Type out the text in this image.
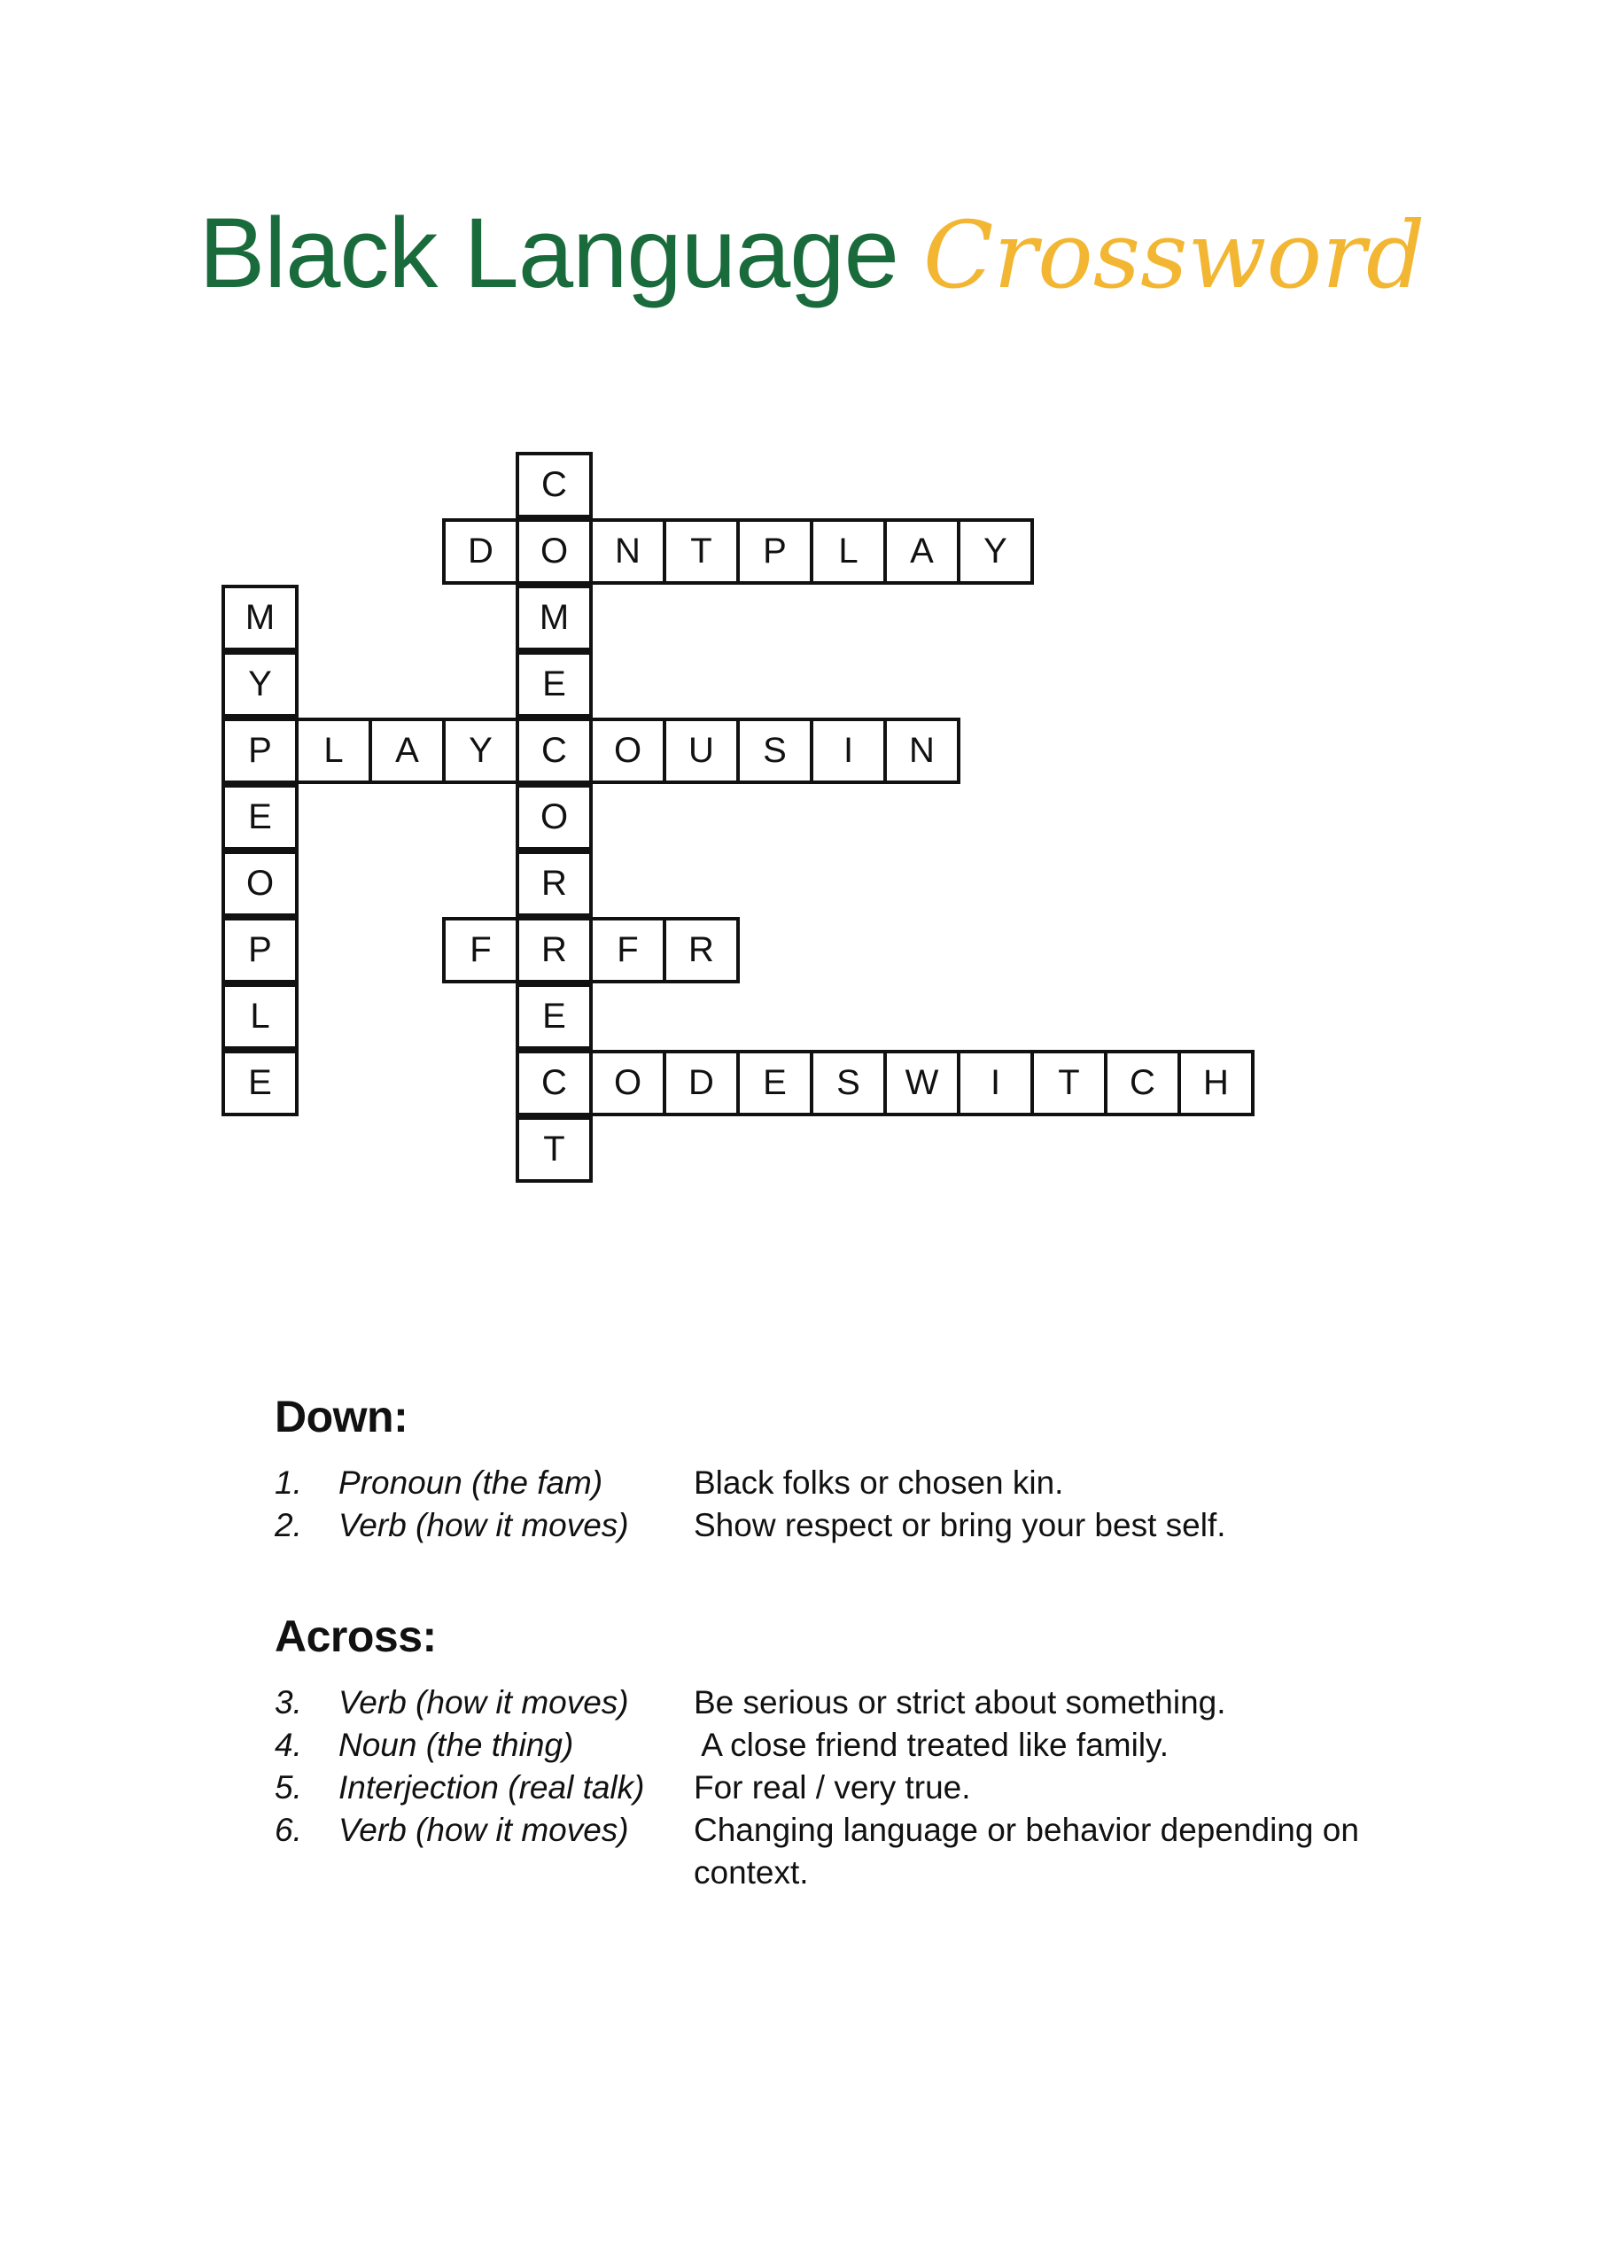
Black Language Crossword
M
Y
P
E
O
P
L
E
C
O
M
E
C
O
R
R
E
C
T
D	N	T	P	L	A	Y
L	A	Y	O	U	S	I	N
F	F	R
O	D	E	S	W	I	T	C	H
Down:
1. Pronoun (the fam)	Black folks or chosen kin.
2. Verb (how it moves) Show respect or bring your best self.
Across:
3. Verb (how it moves) Be serious or strict about something.
4. Noun (the thing)	A close friend treated like family.
5. Interjection (real talk) For real / very true.
6. Verb (how it moves) Changing language or behavior depending on context.
